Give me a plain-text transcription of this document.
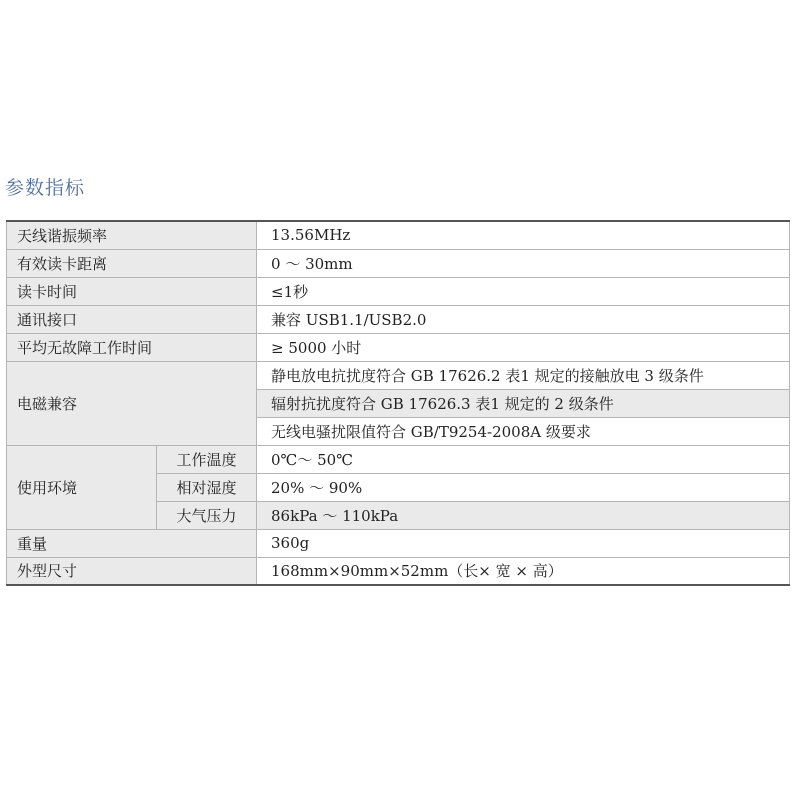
参数指标
天线谐振频率		13.56MHz
有效读卡距离		0 ～ 30mm
读卡时间		≤1秒
通讯接口		兼容 USB1.1/USB2.0
平均无故障工作时间		≥ 5000 小时
电磁兼容		静电放电抗扰度符合 GB 17626.2 表1 规定的接触放电 3 级条件
		辐射抗扰度符合 GB 17626.3 表1 规定的 2 级条件
		无线电骚扰限值符合 GB/T9254-2008A 级要求
使用环境	工作温度	0℃～ 50℃
	相对湿度	20% ～ 90%
	大气压力	86kPa ～ 110kPa
重量		360g
外型尺寸		168mm×90mm×52mm（长× 宽 × 高）
